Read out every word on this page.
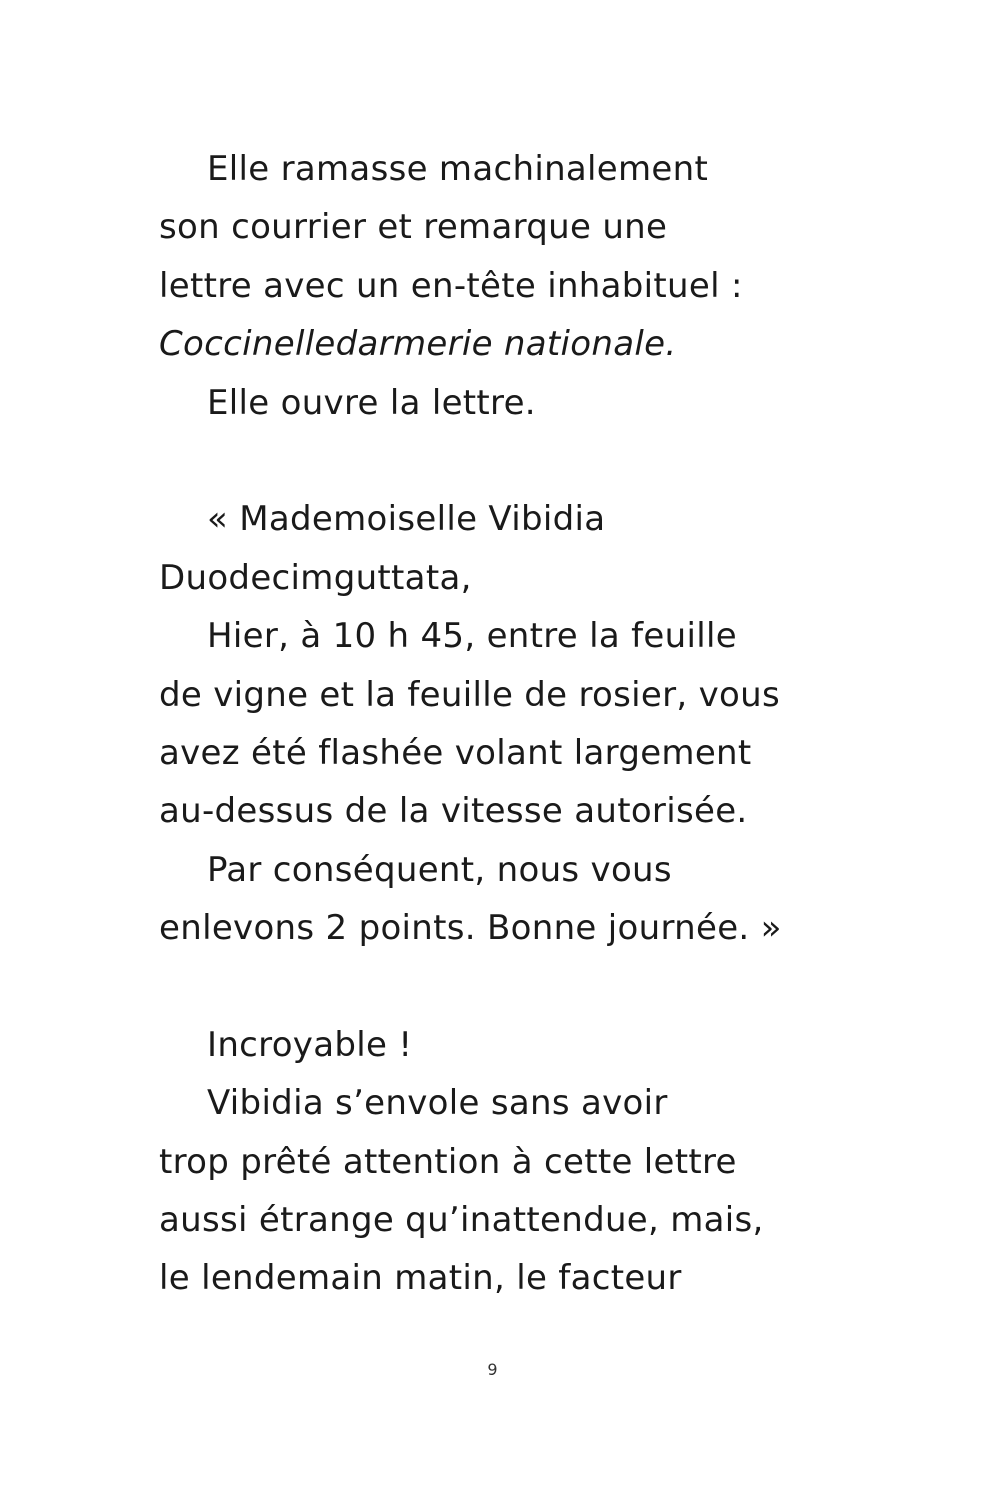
Elle ramasse machinalement
son courrier et remarque une
lettre avec un en-tête inhabituel :
Coccinelledarmerie nationale.
Elle ouvre la lettre.
« Mademoiselle Vibidia
Duodecimguttata,
Hier, à 10 h 45, entre la feuille
de vigne et la feuille de rosier, vous
avez été flashée volant largement
au-dessus de la vitesse autorisée.
Par conséquent, nous vous
enlevons 2 points. Bonne journée. »
Incroyable !
Vibidia s’envole sans avoir
trop prêté attention à cette lettre
aussi étrange qu’inattendue, mais,
le lendemain matin, le facteur
9
